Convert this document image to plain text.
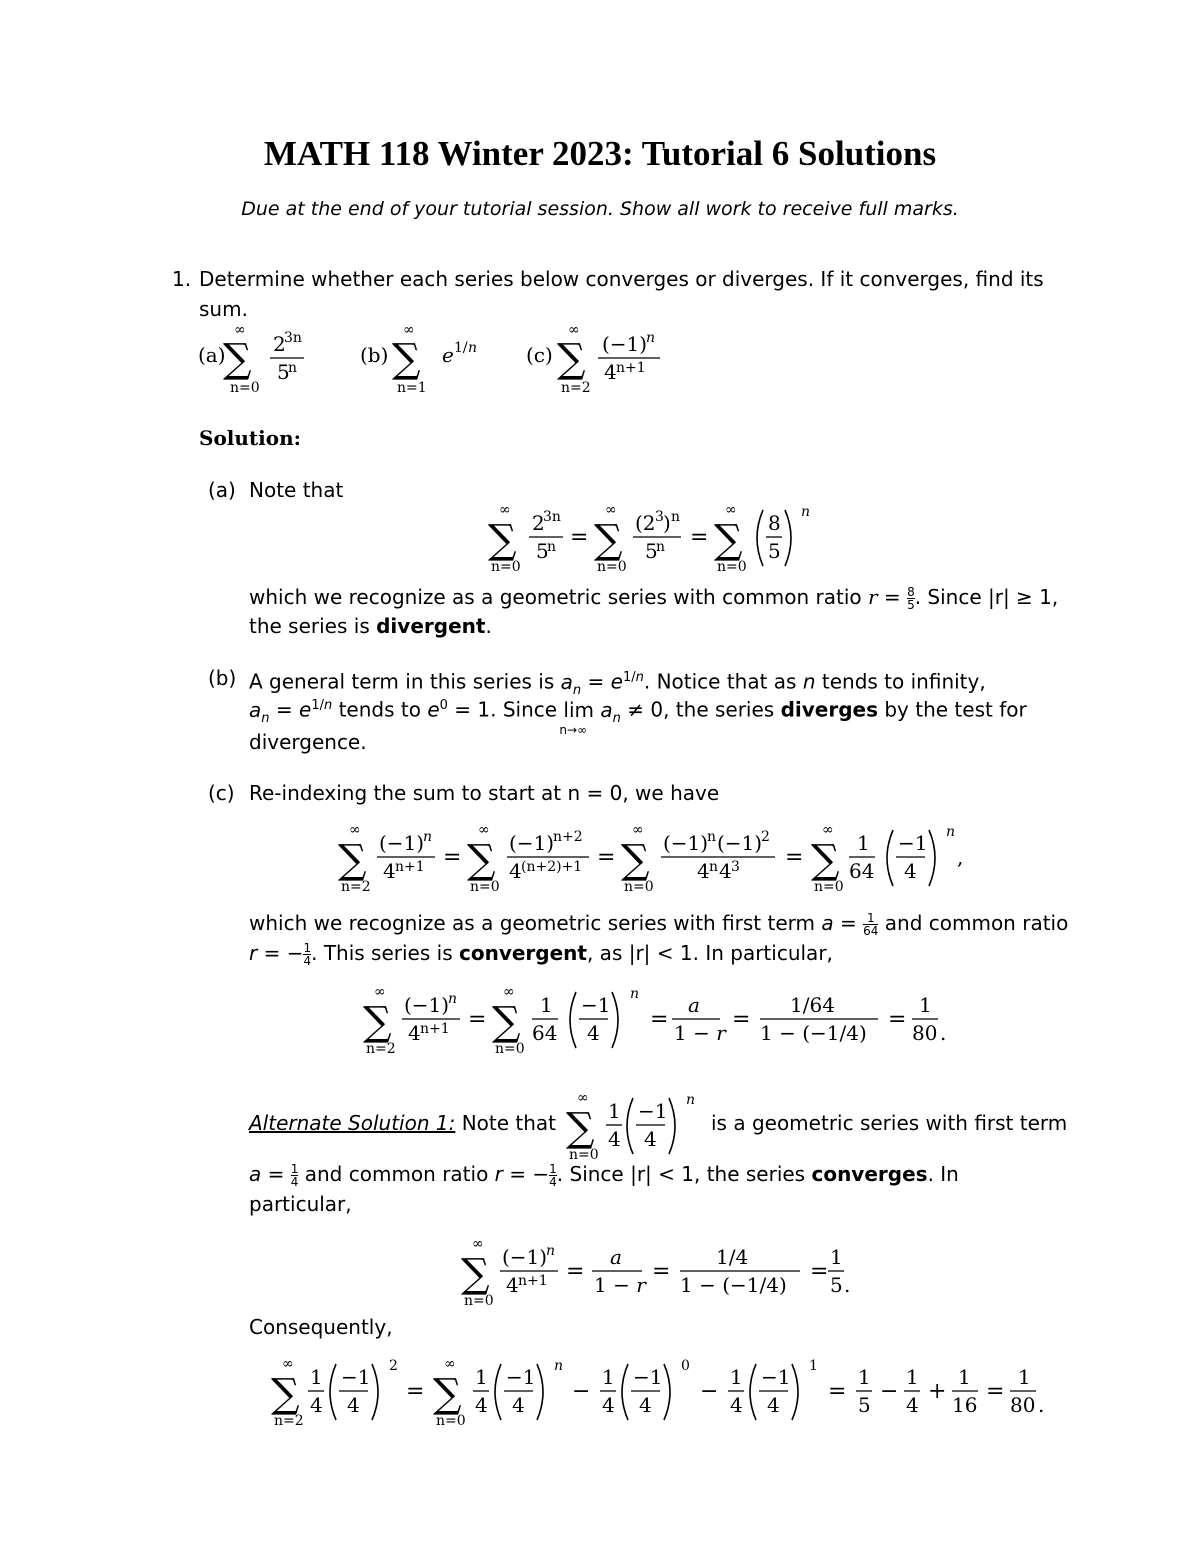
MATH 118 Winter 2023: Tutorial 6 Solutions
Due at the end of your tutorial session. Show all work to receive full marks.
1. Determine whether each series below converges or diverges. If it converges, find its
sum.
(a)
∞
∑
n=0
2
3n
5
n
(b)
∞
∑
n=1
e 1/ n (c)
∞
∑
n=2
(−1)
n
4 n+1
Solution:
(a) Note that
∞
∑
n=0
2
3n
5
n =
∞
∑
n=0
(2 3 ) n
5
n =
∞
∑
n=0
8
5
n
which we recognize as a geometric series with common ratio $r = \frac{8}{5}$ . Since |r| ≥ 1,
the series is divergent.
(b) A general term in this series is $a_n = e^{1/n}$. Notice that as n tends to infinity,
$a_n = e^{1/n}$ tends to $e^0 = 1$. Since lim
n→∞
$a_n \ne 0$, the series diverges by the test for
divergence.
(c) Re-indexing the sum to start at n = 0, we have
∞
∑
n=2
(−1)
n
4 n+1 =
∞
∑
n=0
(−1)
n+2
4 (n+2)+1 =
∞
∑
n=0
(−1)
n (−1)
2
4 n 4 3 =
∞
∑
n=0
1
64
−1
4
n
,
which we recognize as a geometric series with first term $a = \frac{1}{64}$ and common ratio
r = − $\frac{1}{4}$ . This series is convergent, as |r| < 1. In particular,
∞
∑
n=2
(−1)
n
4 n+1 =
∞
∑
n=0
1
64
−1
4
n
=
a
1 − r
=
1/64
1 − (−1/4)
=
1
80 .
Alternate Solution 1: Note that
∞
∑
n=0
1
4
−1
4
n
is a geometric series with first term
$a = \frac{1}{4}$ and common ratio r = − $\frac{1}{4}$ . Since |r| < 1, the series converges. In
particular,
∞
∑
n=0
(−1)
n
4 n+1 =
a
1 − r
=
1/4
1 − (−1/4)
=
1
5 .
Consequently,
∞
∑
n=2
1
4
−1
4
2
=
∞
∑
n=0
1
4
−1
4
n
−
1
4
−1
4
0
−
1
4
−1
4
1
=
1
5
−
1
4
+
1
16
=
1
80 .
